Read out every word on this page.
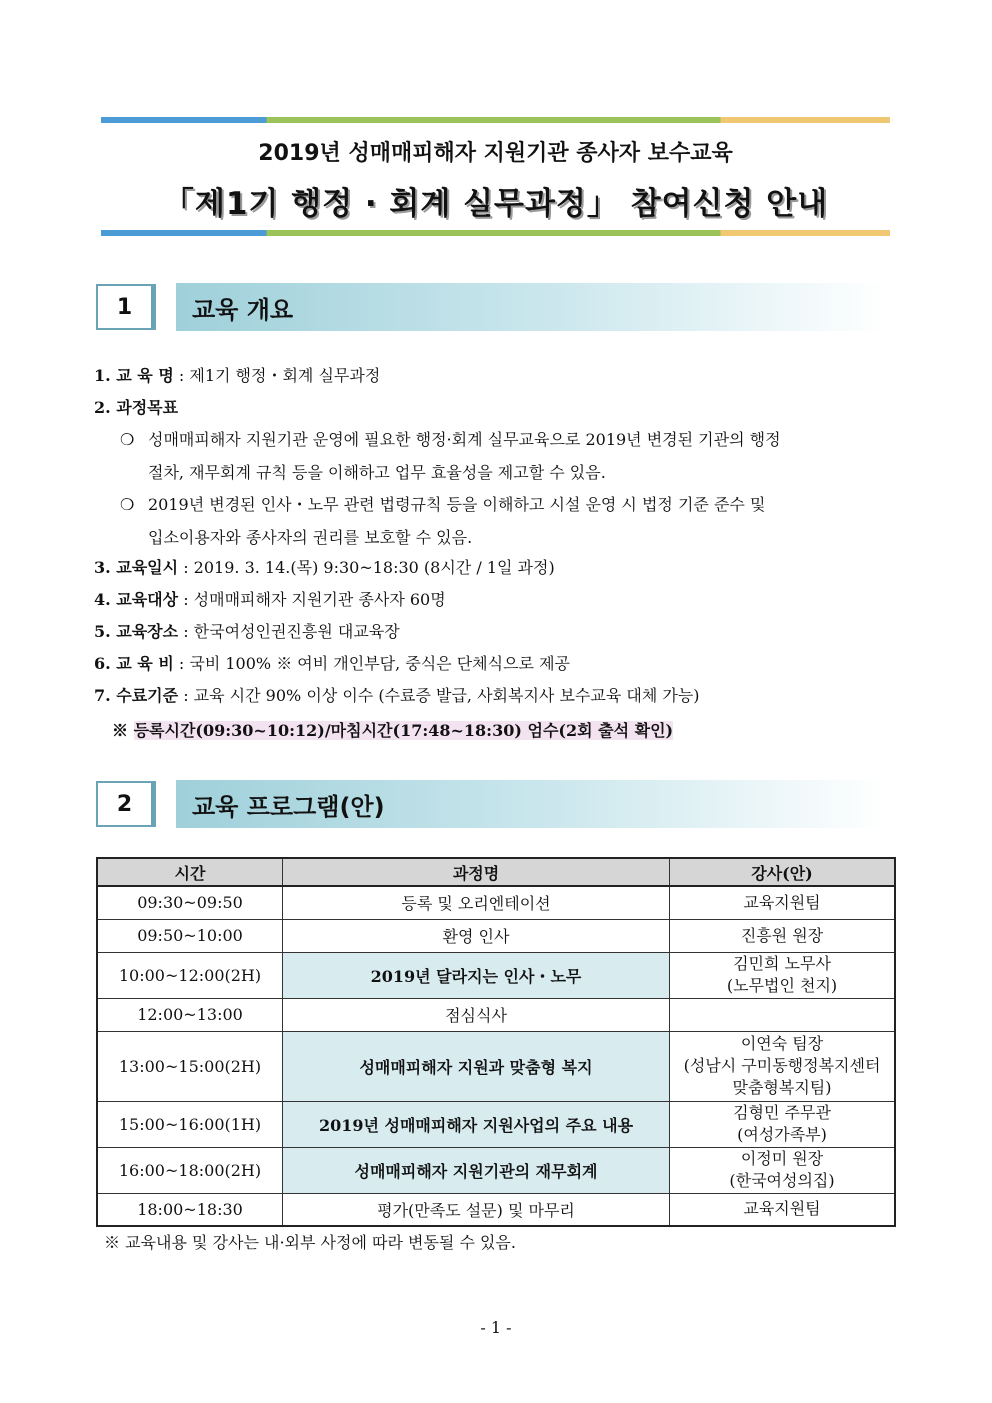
2019년 성매매피해자 지원기관 종사자 보수교육
「제1기 행정 · 회계 실무과정」 참여신청 안내
1	교육 개요
1. 교 육 명 : 제1기 행정・회계 실무과정
2. 과정목표
❍ 성매매피해자 지원기관 운영에 필요한 행정·회계 실무교육으로 2019년 변경된 기관의 행정
절차, 재무회계 규칙 등을 이해하고 업무 효율성을 제고할 수 있음.
❍ 2019년 변경된 인사・노무 관련 법령규칙 등을 이해하고 시설 운영 시 법정 기준 준수 및
입소이용자와 종사자의 권리를 보호할 수 있음.
3. 교육일시 : 2019. 3. 14.(목) 9:30~18:30 (8시간 / 1일 과정)
4. 교육대상 : 성매매피해자 지원기관 종사자 60명
5. 교육장소 : 한국여성인권진흥원 대교육장
6. 교 육 비 : 국비 100% ※ 여비 개인부담, 중식은 단체식으로 제공
7. 수료기준 : 교육 시간 90% 이상 이수 (수료증 발급, 사회복지사 보수교육 대체 가능)
※ 등록시간(09:30~10:12)/마침시간(17:48~18:30) 엄수(2회 출석 확인)
2	교육 프로그램(안)
시간	과정명	강사(안)
09:30~09:50	등록 및 오리엔테이션	교육지원팀
09:50~10:00	환영 인사	진흥원 원장
10:00~12:00(2H)	2019년 달라지는 인사・노무	김민희 노무사
(노무법인 천지)
12:00~13:00	점심식사	
13:00~15:00(2H)	성매매피해자 지원과 맞춤형 복지	이연숙 팀장
(성남시 구미동행정복지센터
맞춤형복지팀)
15:00~16:00(1H)	2019년 성매매피해자 지원사업의 주요 내용	김형민 주무관
(여성가족부)
16:00~18:00(2H)	성매매피해자 지원기관의 재무회계	이정미 원장
(한국여성의집)
18:00~18:30	평가(만족도 설문) 및 마무리	교육지원팀
※ 교육내용 및 강사는 내·외부 사정에 따라 변동될 수 있음.
- 1 -
